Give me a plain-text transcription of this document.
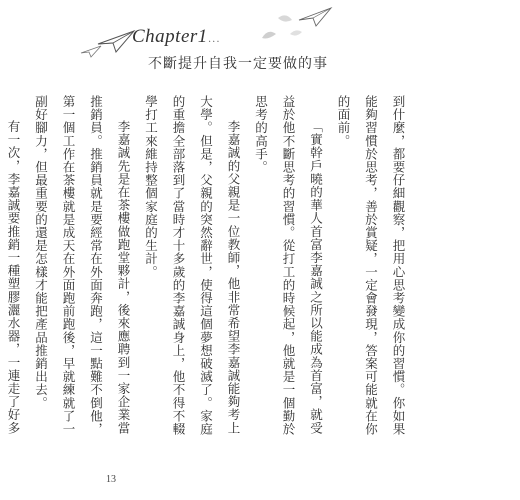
Chapter1 ...
不斷提升自我一定要做的事

到什麼，都要仔細觀察，把用心思考變成你的習慣。你如果能夠習慣於思考，善於賞疑，一定會發現，答案可能就在你的面前。

「實幹戶曉的華人首富李嘉誠之所以能成為首富，就受益於他不斷思考的習慣。從打工的時候起，他就是一個勤於思考的高手。

李嘉誠的父親是一位教師，他非常希望李嘉誠能夠考上大學。但是，父親的突然辭世，使得這個夢想破滅了。家庭的重擔全部落到了當時才十多歲的李嘉誠身上，他不得不輟學打工來維持整個家庭的生計。

李嘉誠先是在茶樓做跑堂夥計，後來應聘到一家企業當推銷員。推銷員就是要經常在外面奔跑，這一點難不倒他，第一個工作在茶樓就是成天在外面跑前跑後，早就練就了一副好腳力，但最重要的還是怎樣才能把產品推銷出去。

有一次，李嘉誠要推銷一種塑膠灑水器，一連走了好多

13
